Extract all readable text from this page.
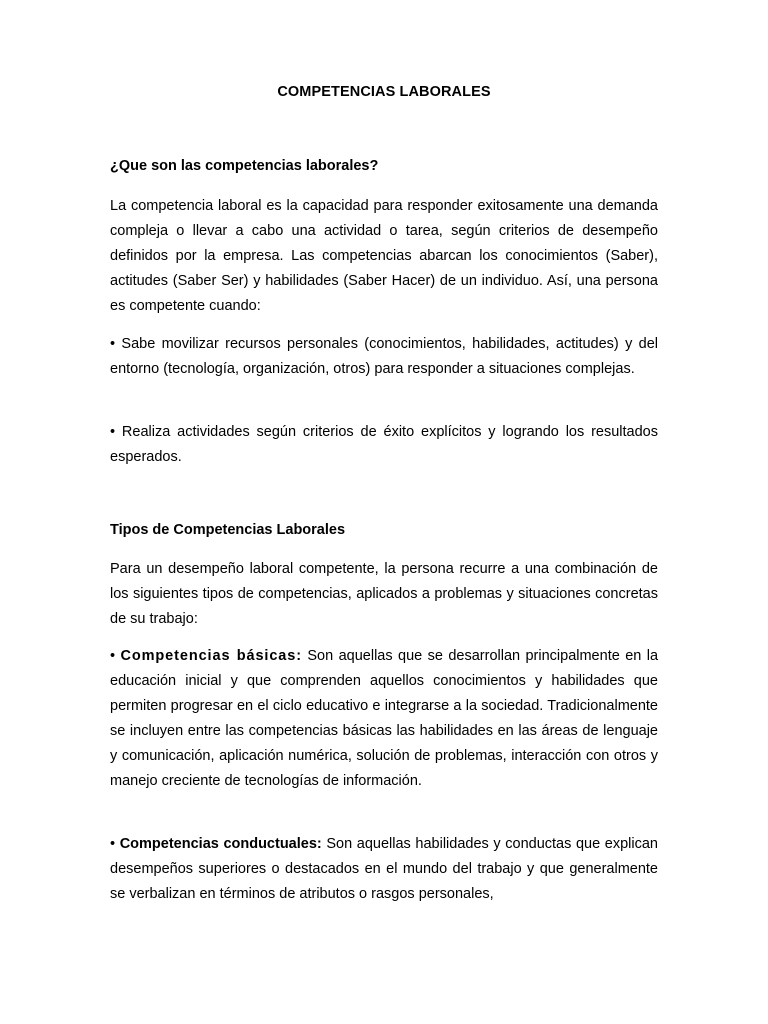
COMPETENCIAS LABORALES
¿Que son las competencias laborales?

La competencia laboral es la capacidad para responder exitosamente una demanda compleja o llevar a cabo una actividad o tarea, según criterios de desempeño definidos por la empresa. Las competencias abarcan los conocimientos (Saber), actitudes (Saber Ser) y habilidades (Saber Hacer) de un individuo. Así, una persona es competente cuando:

• Sabe movilizar recursos personales (conocimientos, habilidades, actitudes) y del entorno (tecnología, organización, otros) para responder a situaciones complejas.

• Realiza actividades según criterios de éxito explícitos y logrando los resultados esperados.

Tipos de Competencias Laborales

Para un desempeño laboral competente, la persona recurre a una combinación de los siguientes tipos de competencias, aplicados a problemas y situaciones concretas de su trabajo:

• Competencias básicas: Son aquellas que se desarrollan principalmente en la educación inicial y que comprenden aquellos conocimientos y habilidades que permiten progresar en el ciclo educativo e integrarse a la sociedad. Tradicionalmente se incluyen entre las competencias básicas las habilidades en las áreas de lenguaje y comunicación, aplicación numérica, solución de problemas, interacción con otros y manejo creciente de tecnologías de información.

• Competencias conductuales: Son aquellas habilidades y conductas que explican desempeños superiores o destacados en el mundo del trabajo y que generalmente se verbalizan en términos de atributos o rasgos personales,
